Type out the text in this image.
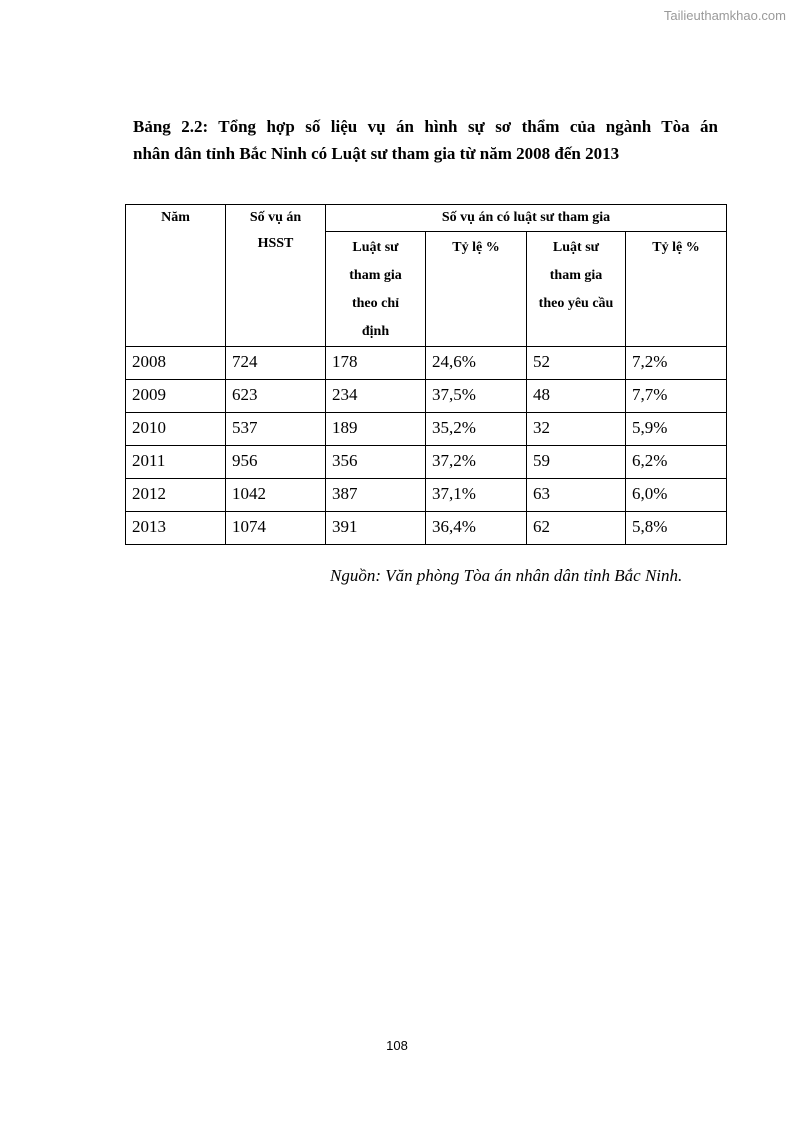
Tailieuthamkhao.com
Bảng 2.2: Tổng hợp số liệu vụ án hình sự sơ thẩm của ngành Tòa án
nhân dân tỉnh Bắc Ninh có Luật sư tham gia từ năm 2008 đến 2013
Năm	Số vụ án HSST	Số vụ án có luật sư tham gia			
		Luật sư tham gia theo chỉ định	Tỷ lệ %	Luật sư tham gia theo yêu cầu	Tỷ lệ %
2008	724	178	24,6%	52	7,2%
2009	623	234	37,5%	48	7,7%
2010	537	189	35,2%	32	5,9%
2011	956	356	37,2%	59	6,2%
2012	1042	387	37,1%	63	6,0%
2013	1074	391	36,4%	62	5,8%
Nguồn: Văn phòng Tòa án nhân dân tỉnh Bắc Ninh.
108
